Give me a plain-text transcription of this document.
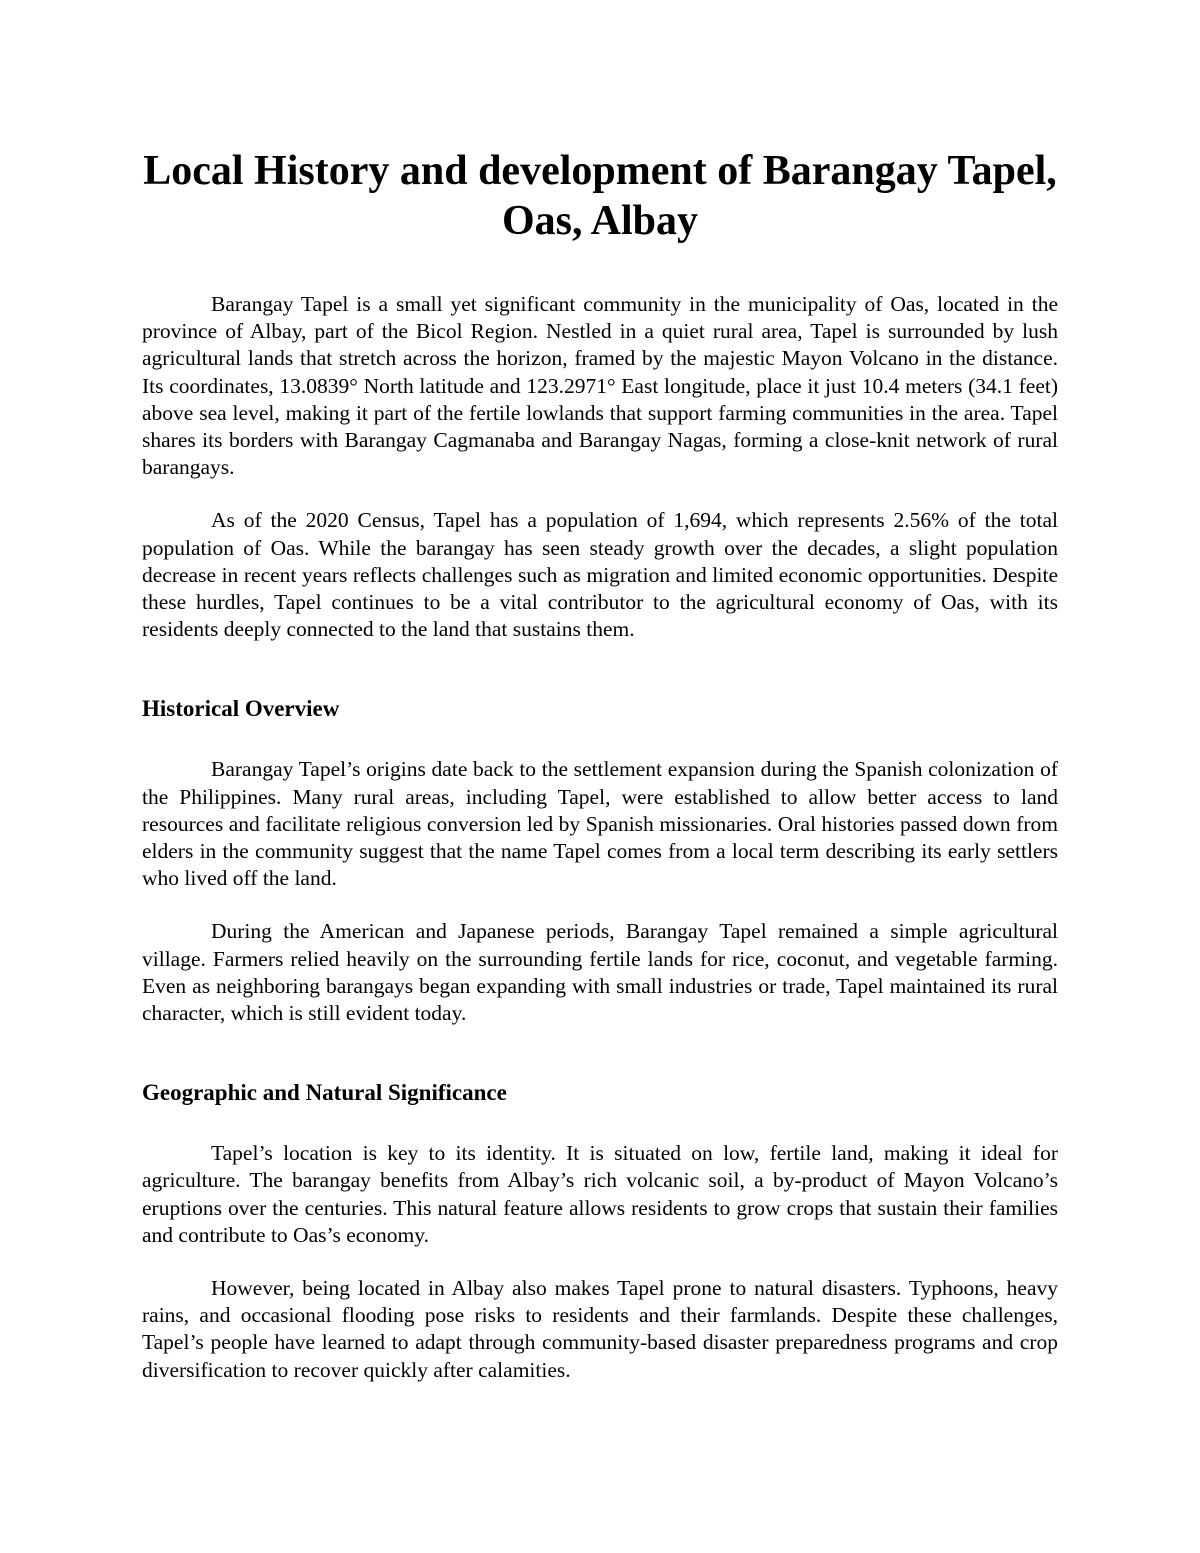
Local History and development of Barangay Tapel, Oas, Albay

Barangay Tapel is a small yet significant community in the municipality of Oas, located in the province of Albay, part of the Bicol Region. Nestled in a quiet rural area, Tapel is surrounded by lush agricultural lands that stretch across the horizon, framed by the majestic Mayon Volcano in the distance. Its coordinates, 13.0839° North latitude and 123.2971° East longitude, place it just 10.4 meters (34.1 feet) above sea level, making it part of the fertile lowlands that support farming communities in the area. Tapel shares its borders with Barangay Cagmanaba and Barangay Nagas, forming a close-knit network of rural barangays.

As of the 2020 Census, Tapel has a population of 1,694, which represents 2.56% of the total population of Oas. While the barangay has seen steady growth over the decades, a slight population decrease in recent years reflects challenges such as migration and limited economic opportunities. Despite these hurdles, Tapel continues to be a vital contributor to the agricultural economy of Oas, with its residents deeply connected to the land that sustains them.

Historical Overview

Barangay Tapel’s origins date back to the settlement expansion during the Spanish colonization of the Philippines. Many rural areas, including Tapel, were established to allow better access to land resources and facilitate religious conversion led by Spanish missionaries. Oral histories passed down from elders in the community suggest that the name Tapel comes from a local term describing its early settlers who lived off the land.

During the American and Japanese periods, Barangay Tapel remained a simple agricultural village. Farmers relied heavily on the surrounding fertile lands for rice, coconut, and vegetable farming. Even as neighboring barangays began expanding with small industries or trade, Tapel maintained its rural character, which is still evident today.

Geographic and Natural Significance

Tapel’s location is key to its identity. It is situated on low, fertile land, making it ideal for agriculture. The barangay benefits from Albay’s rich volcanic soil, a by-product of Mayon Volcano’s eruptions over the centuries. This natural feature allows residents to grow crops that sustain their families and contribute to Oas’s economy.

However, being located in Albay also makes Tapel prone to natural disasters. Typhoons, heavy rains, and occasional flooding pose risks to residents and their farmlands. Despite these challenges, Tapel’s people have learned to adapt through community-based disaster preparedness programs and crop diversification to recover quickly after calamities.
